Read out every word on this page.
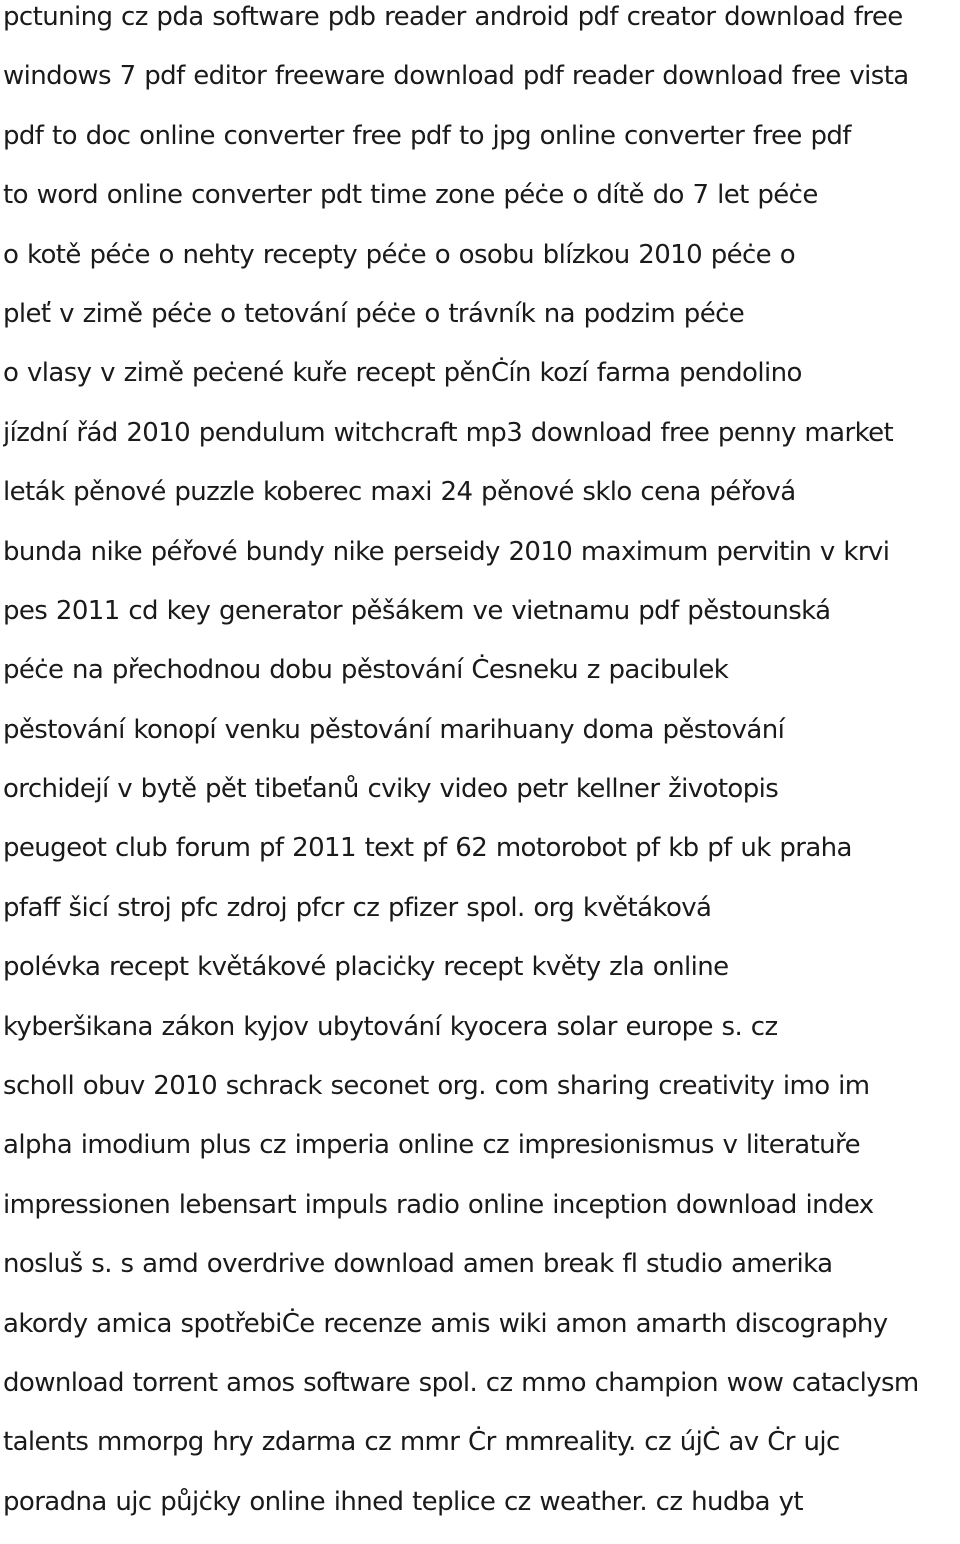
pctuning cz pda software pdb reader android pdf creator download free
windows 7 pdf editor freeware download pdf reader download free vista
pdf to doc online converter free pdf to jpg online converter free pdf
to word online converter pdt time zone péċe o dítě do 7 let péċe
o kotě péċe o nehty recepty péċe o osobu blízkou 2010 péċe o
pleť v zimě péċe o tetování péċe o trávník na podzim péċe
o vlasy v zimě peċené kuře recept pěnĊín kozí farma pendolino
jízdní řád 2010 pendulum witchcraft mp3 download free penny market
leták pěnové puzzle koberec maxi 24 pěnové sklo cena péřová
bunda nike péřové bundy nike perseidy 2010 maximum pervitin v krvi
pes 2011 cd key generator pěšákem ve vietnamu pdf pěstounská
péċe na přechodnou dobu pěstování Ċesneku z pacibulek
pěstování konopí venku pěstování marihuany doma pěstování
orchidejí v bytě pět tibeťanů cviky video petr kellner životopis
peugeot club forum pf 2011 text pf 62 motorobot pf kb pf uk praha
pfaff šicí stroj pfc zdroj pfcr cz pfizer spol. org květáková
polévka recept květákové placiċky recept květy zla online
kyberšikana zákon kyjov ubytování kyocera solar europe s. cz
scholl obuv 2010 schrack seconet org. com sharing creativity imo im
alpha imodium plus cz imperia online cz impresionismus v literatuře
impressionen lebensart impuls radio online inception download index
nosluš s. s amd overdrive download amen break fl studio amerika
akordy amica spotřebiĊe recenze amis wiki amon amarth discography
download torrent amos software spol. cz mmo champion wow cataclysm
talents mmorpg hry zdarma cz mmr Ċr mmreality. cz újĊ av Ċr ujc
poradna ujc půjċky online ihned teplice cz weather. cz hudba yt
